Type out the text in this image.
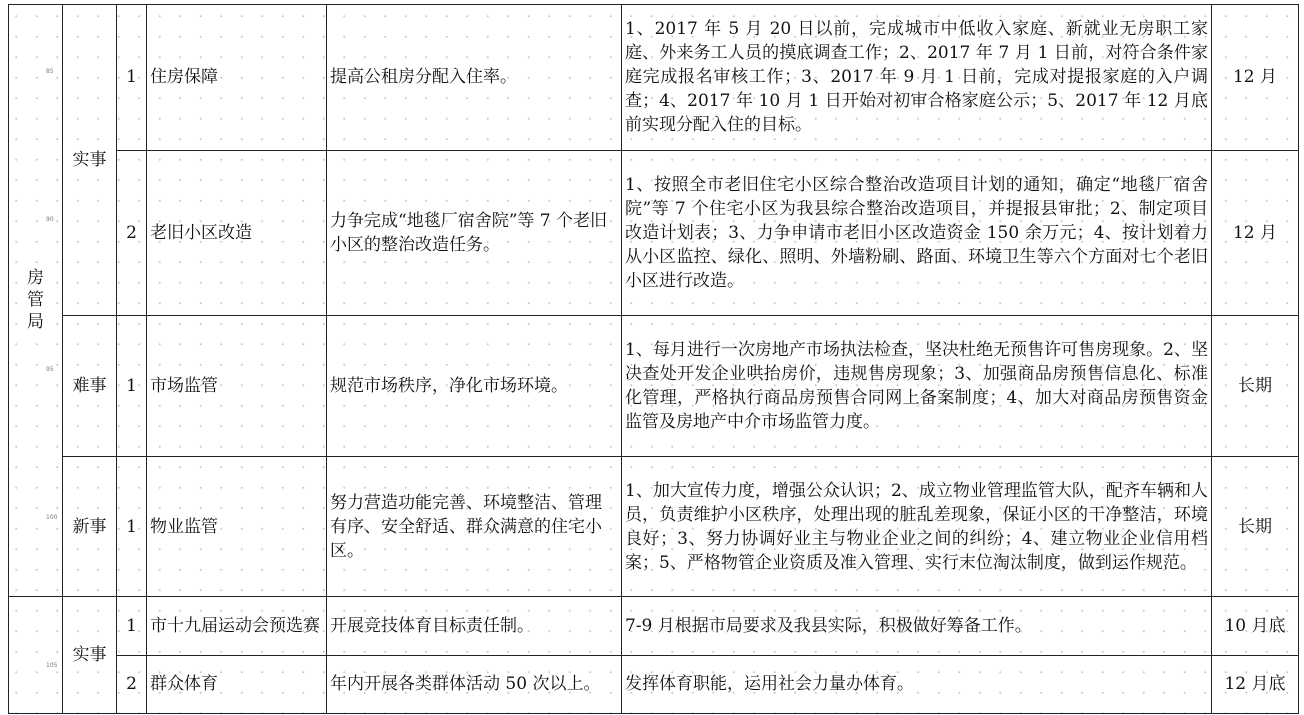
85
90
95
100
105
房管局	实事	1	住房保障	提高公租房分配入住率。	1、2017 年 5 月 20 日以前，完成城市中低收入家庭、新就业无房职工家庭、外来务工人员的摸底调查工作；2、2017 年 7 月 1 日前，对符合条件家庭完成报名审核工作；3、2017 年 9 月 1 日前，完成对提报家庭的入户调查；4、2017 年 10 月 1 日开始对初审合格家庭公示；5、2017 年 12 月底前实现分配入住的目标。	12 月
		2	老旧小区改造	力争完成“地毯厂宿舍院”等 7 个老旧小区的整治改造任务。	1、按照全市老旧住宅小区综合整治改造项目计划的通知，确定“地毯厂宿舍院”等 7 个住宅小区为我县综合整治改造项目，并提报县审批；2、制定项目改造计划表；3、力争申请市老旧小区改造资金 150 余万元；4、按计划着力从小区监控、绿化、照明、外墙粉刷、路面、环境卫生等六个方面对七个老旧小区进行改造。	12 月
	难事	1	市场监管	规范市场秩序，净化市场环境。	1、每月进行一次房地产市场执法检查，坚决杜绝无预售许可售房现象。2、坚决查处开发企业哄抬房价，违规售房现象；3、加强商品房预售信息化、标准化管理，严格执行商品房预售合同网上备案制度；4、加大对商品房预售资金监管及房地产中介市场监管力度。	长期
	新事	1	物业监管	努力营造功能完善、环境整洁、管理有序、安全舒适、群众满意的住宅小区。	1、加大宣传力度，增强公众认识；2、成立物业管理监管大队，配齐车辆和人员，负责维护小区秩序，处理出现的脏乱差现象，保证小区的干净整洁，环境良好；3、努力协调好业主与物业企业之间的纠纷；4、建立物业企业信用档案；5、严格物管企业资质及准入管理、实行末位淘汰制度，做到运作规范。	长期
	实事	1	市十九届运动会预选赛	开展竞技体育目标责任制。	7-9 月根据市局要求及我县实际，积极做好筹备工作。	10 月底
		2	群众体育	年内开展各类群体活动 50 次以上。	发挥体育职能，运用社会力量办体育。	12 月底
